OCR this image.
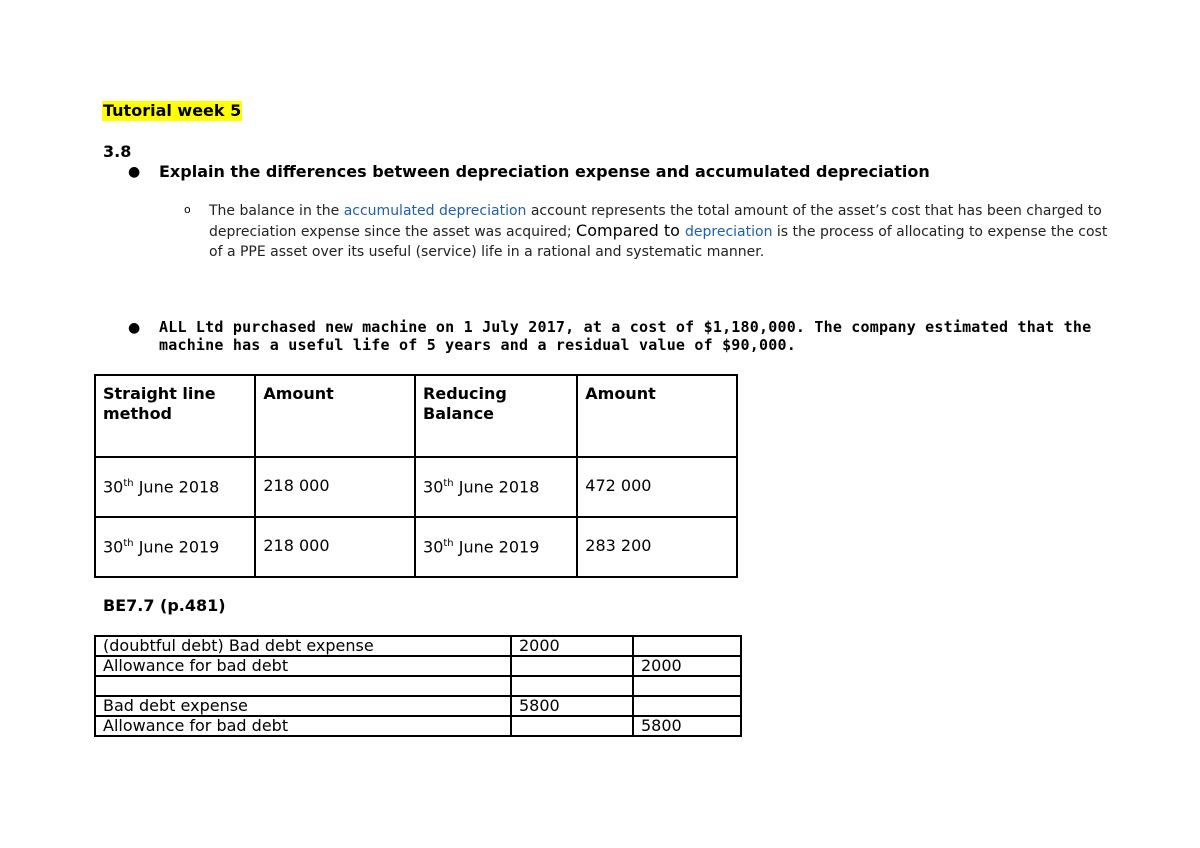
Tutorial week 5
3.8
● Explain the differences between depreciation expense and accumulated depreciation
o The balance in the accumulated depreciation account represents the total amount of the asset’s cost that has been charged to depreciation expense since the asset was acquired; Compared to depreciation is the process of allocating to expense the cost of a PPE asset over its useful (service) life in a rational and systematic manner.
● ALL Ltd purchased new machine on 1 July 2017, at a cost of $1,180,000. The company estimated that the machine has a useful life of 5 years and a residual value of $90,000.
Straight line method	Amount	Reducing Balance	Amount
30th June 2018	218 000	30th June 2018	472 000
30th June 2019	218 000	30th June 2019	283 200
BE7.7 (p.481)
(doubtful debt) Bad debt expense	2000	
Allowance for bad debt		2000

Bad debt expense	5800	
Allowance for bad debt		5800
